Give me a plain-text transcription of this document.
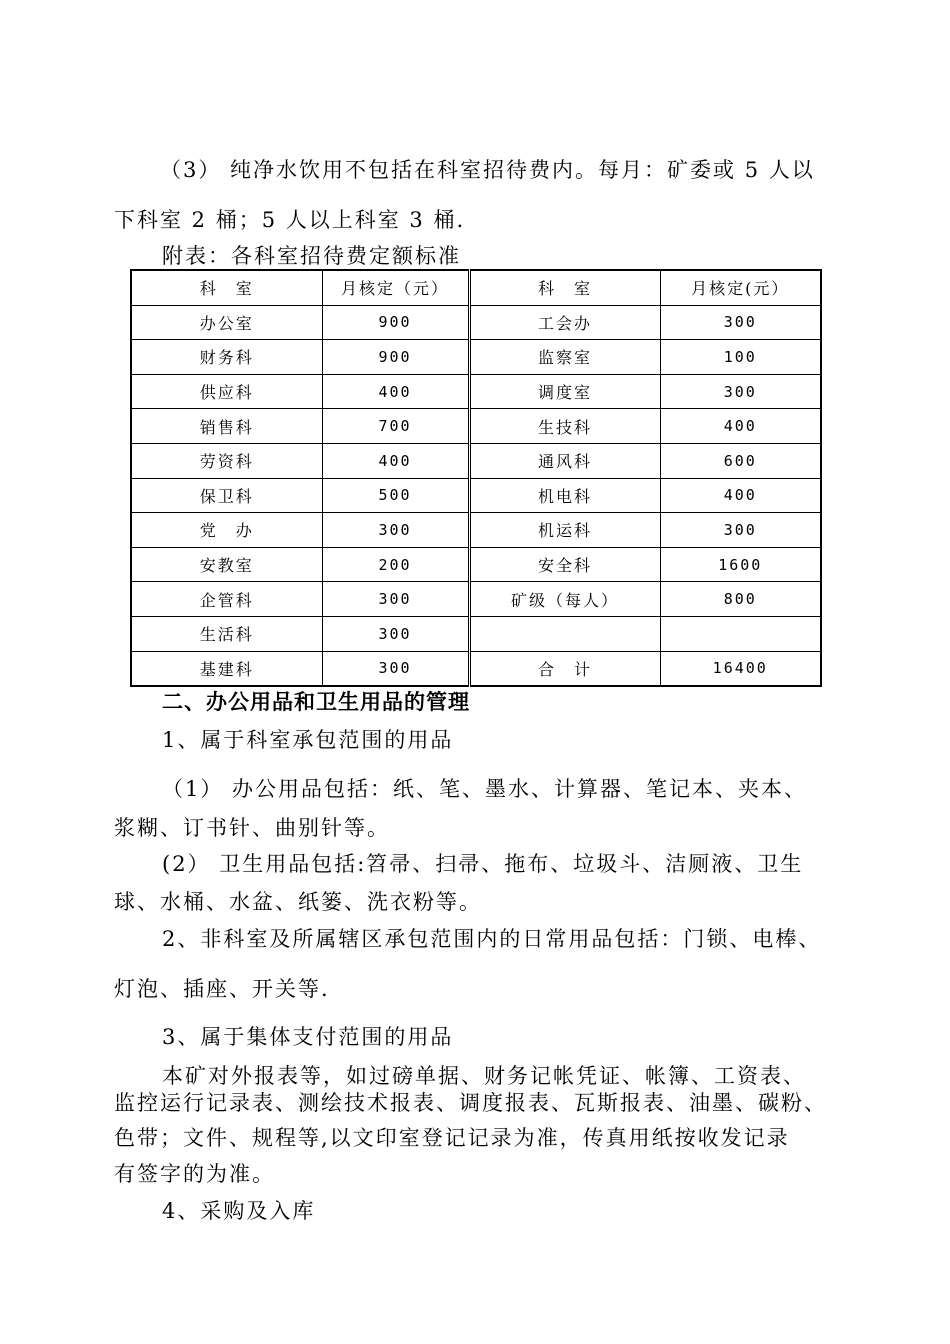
（3） 纯净水饮用不包括在科室招待费内。每月：矿委或 5 人以
下科室 2 桶；5 人以上科室 3 桶.
附表：各科室招待费定额标准
科　室	月核定（元）	科　室	月核定(元）
办公室	900	工会办	300
财务科	900	监察室	100
供应科	400	调度室	300
销售科	700	生技科	400
劳资科	400	通风科	600
保卫科	500	机电科	400
党　办	300	机运科	300
安教室	200	安全科	1600
企管科	300	矿级（每人）	800
生活科	300		
基建科	300	合　计	16400
二、办公用品和卫生用品的管理
1、属于科室承包范围的用品
（1） 办公用品包括：纸、笔、墨水、计算器、笔记本、夹本、
浆糊、订书针、曲别针等。
(2） 卫生用品包括:笤帚、扫帚、拖布、垃圾斗、洁厕液、卫生
球、水桶、水盆、纸篓、洗衣粉等。
2、非科室及所属辖区承包范围内的日常用品包括：门锁、电棒、
灯泡、插座、开关等.
3、属于集体支付范围的用品
本矿对外报表等，如过磅单据、财务记帐凭证、帐簿、工资表、
监控运行记录表、测绘技术报表、调度报表、瓦斯报表、油墨、碳粉、
色带；文件、规程等,以文印室登记记录为准，传真用纸按收发记录
有签字的为准。
4、采购及入库
